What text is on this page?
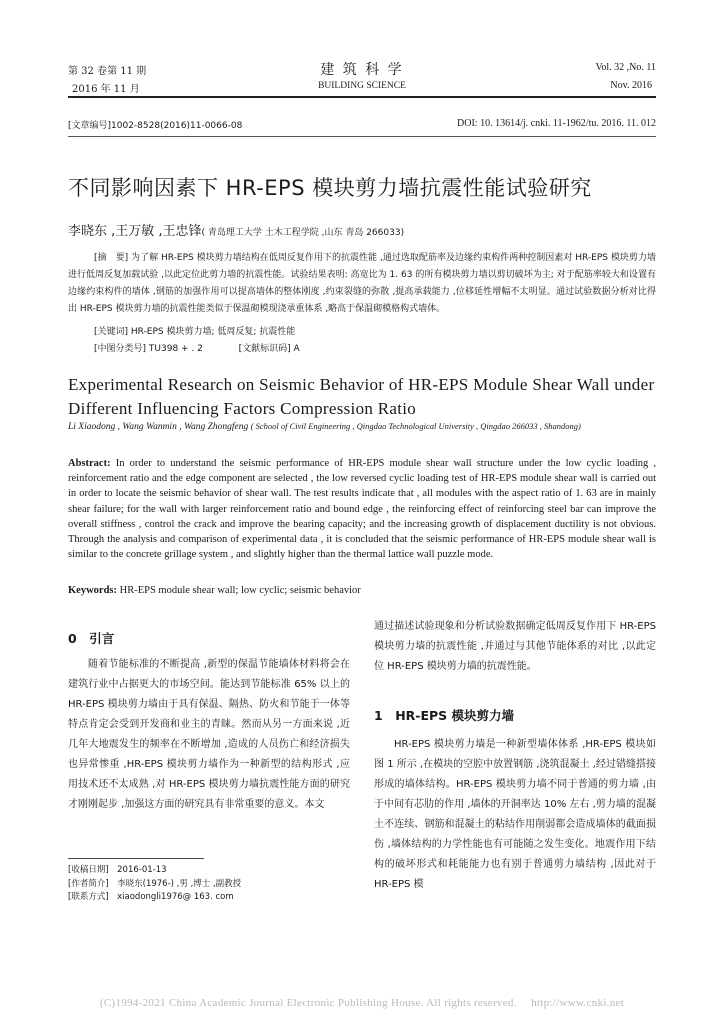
第 32 卷第 11 期
2016 年 11 月
建 筑 科 学
BUILDING SCIENCE
Vol. 32 ,No. 11
Nov. 2016
[文章编号]1002-8528(2016)11-0066-08	DOI: 10. 13614/j. cnki. 11-1962/tu. 2016. 11. 012
不同影响因素下 HR-EPS 模块剪力墙抗震性能试验研究
李晓东 ,王万敏 ,王忠锋( 青岛理工大学 土木工程学院 ,山东 青岛 266033)
[摘　要] 为了解 HR-EPS 模块剪力墙结构在低周反复作用下的抗震性能 ,通过选取配筋率及边缘约束构件两种控制因素对 HR-EPS 模块剪力墙进行低周反复加载试验 ,以此定位此剪力墙的抗震性能。试验结果表明: 高宽比为 1. 63 的所有模块剪力墙以剪切破坏为主; 对于配筋率较大和设置有边缘约束构件的墙体 ,钢筋的加强作用可以提高墙体的整体刚度 ,约束裂缝的弥散 ,提高承载能力 ,位移延性增幅不太明显。通过试验数据分析对比得出 HR-EPS 模块剪力墙的抗震性能类似于保温砌模现浇承重体系 ,略高于保温砌模格构式墙体。
[关键词] HR-EPS 模块剪力墙; 低周反复; 抗震性能
[中图分类号] TU398 + . 2	[文献标识码] A
Experimental Research on Seismic Behavior of HR-EPS Module Shear Wall under Different Influencing Factors Compression Ratio
Li Xiaodong , Wang Wanmin , Wang Zhongfeng ( School of Civil Engineering , Qingdao Technological University , Qingdao 266033 , Shandong)
Abstract: In order to understand the seismic performance of HR-EPS module shear wall structure under the low cyclic loading , reinforcement ratio and the edge component are selected , the low reversed cyclic loading test of HR-EPS module shear wall is carried out in order to locate the seismic behavior of shear wall. The test results indicate that , all modules with the aspect ratio of 1. 63 are in mainly shear failure; for the wall with larger reinforcement ratio and bound edge , the reinforcing effect of reinforcing steel bar can improve the overall stiffness , control the crack and improve the bearing capacity; and the increasing growth of displacement ductility is not obvious. Through the analysis and comparison of experimental data , it is concluded that the seismic performance of HR-EPS module shear wall is similar to the concrete grillage system , and slightly higher than the thermal lattice wall puzzle mode.
Keywords: HR-EPS module shear wall; low cyclic; seismic behavior
0　引言
随着节能标准的不断提高 ,新型的保温节能墙体材料将会在建筑行业中占据更大的市场空间。能达到节能标准 65% 以上的 HR-EPS 模块剪力墙由于具有保温、隔热、防火和节能于一体等特点肯定会受到开发商和业主的青睐。然而从另一方面来说 ,近几年大地震发生的频率在不断增加 ,造成的人员伤亡和经济损失也异常惨重 ,HR-EPS 模块剪力墙作为一种新型的结构形式 ,应用技术还不太成熟 ,对 HR-EPS 模块剪力墙抗震性能方面的研究才刚刚起步 ,加强这方面的研究具有非常重要的意义。本文
[收稿日期]　2016-01-13
[作者简介]　李晓东(1976-) ,男 ,博士 ,副教授
[联系方式]　xiaodongli1976@ 163. com
通过描述试验现象和分析试验数据确定低周反复作用下 HR-EPS 模块剪力墙的抗震性能 ,并通过与其他节能体系的对比 ,以此定位 HR-EPS 模块剪力墙的抗震性能。
1　HR-EPS 模块剪力墙
HR-EPS 模块剪力墙是一种新型墙体体系 ,HR-EPS 模块如图 1 所示 ,在模块的空腔中放置钢筋 ,浇筑混凝土 ,经过错缝搭接形成的墙体结构。HR-EPS 模块剪力墙不同于普通的剪力墙 ,由于中间有芯肋的作用 ,墙体的开洞率达 10% 左右 ,剪力墙的混凝土不连续、钢筋和混凝土的粘结作用削弱都会造成墙体的截面损伤 ,墙体结构的力学性能也有可能随之发生变化。地震作用下结构的破坏形式和耗能能力也有别于普通剪力墙结构 ,因此对于 HR-EPS 模
(C)1994-2021 China Academic Journal Electronic Publishing House. All rights reserved.　 http://www.cnki.net
